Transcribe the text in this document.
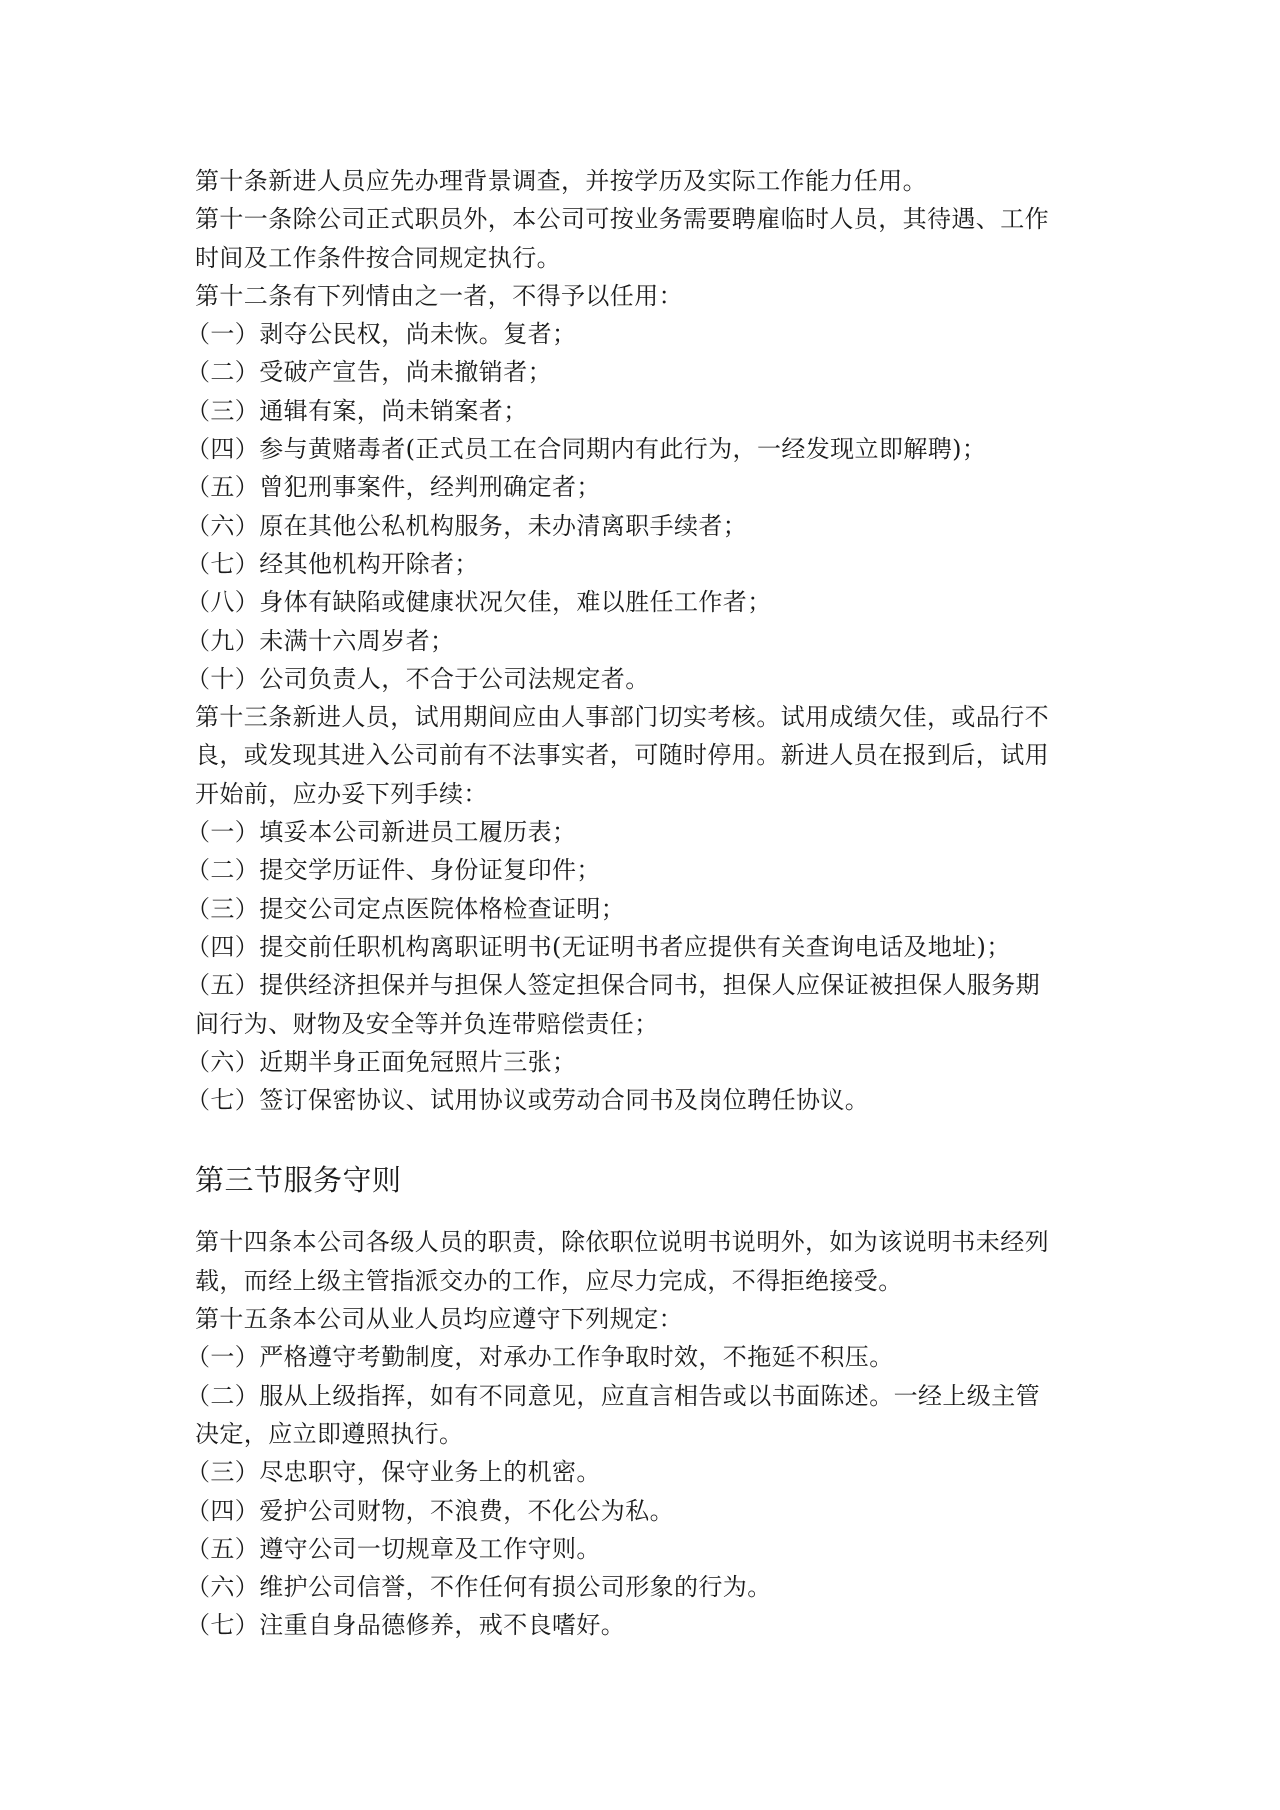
第十条新进人员应先办理背景调查，并按学历及实际工作能力任用。
第十一条除公司正式职员外，本公司可按业务需要聘雇临时人员，其待遇、工作
时间及工作条件按合同规定执行。
第十二条有下列情由之一者，不得予以任用：
（一）剥夺公民权，尚未恢。复者；
（二）受破产宣告，尚未撤销者；
（三）通辑有案，尚未销案者；
（四）参与黄赌毒者(正式员工在合同期内有此行为，一经发现立即解聘)；
（五）曾犯刑事案件，经判刑确定者；
（六）原在其他公私机构服务，未办清离职手续者；
（七）经其他机构开除者；
（八）身体有缺陷或健康状况欠佳，难以胜任工作者；
（九）未满十六周岁者；
（十）公司负责人，不合于公司法规定者。
第十三条新进人员，试用期间应由人事部门切实考核。试用成绩欠佳，或品行不
良，或发现其进入公司前有不法事实者，可随时停用。新进人员在报到后，试用
开始前，应办妥下列手续：
（一）填妥本公司新进员工履历表；
（二）提交学历证件、身份证复印件；
（三）提交公司定点医院体格检查证明；
（四）提交前任职机构离职证明书(无证明书者应提供有关查询电话及地址)；
（五）提供经济担保并与担保人签定担保合同书，担保人应保证被担保人服务期
间行为、财物及安全等并负连带赔偿责任；
（六）近期半身正面免冠照片三张；
（七）签订保密协议、试用协议或劳动合同书及岗位聘任协议。
第三节服务守则
第十四条本公司各级人员的职责，除依职位说明书说明外，如为该说明书未经列
载，而经上级主管指派交办的工作，应尽力完成，不得拒绝接受。
第十五条本公司从业人员均应遵守下列规定：
（一）严格遵守考勤制度，对承办工作争取时效，不拖延不积压。
（二）服从上级指挥，如有不同意见，应直言相告或以书面陈述。一经上级主管
决定，应立即遵照执行。
（三）尽忠职守，保守业务上的机密。
（四）爱护公司财物，不浪费，不化公为私。
（五）遵守公司一切规章及工作守则。
（六）维护公司信誉，不作任何有损公司形象的行为。
（七）注重自身品德修养，戒不良嗜好。
